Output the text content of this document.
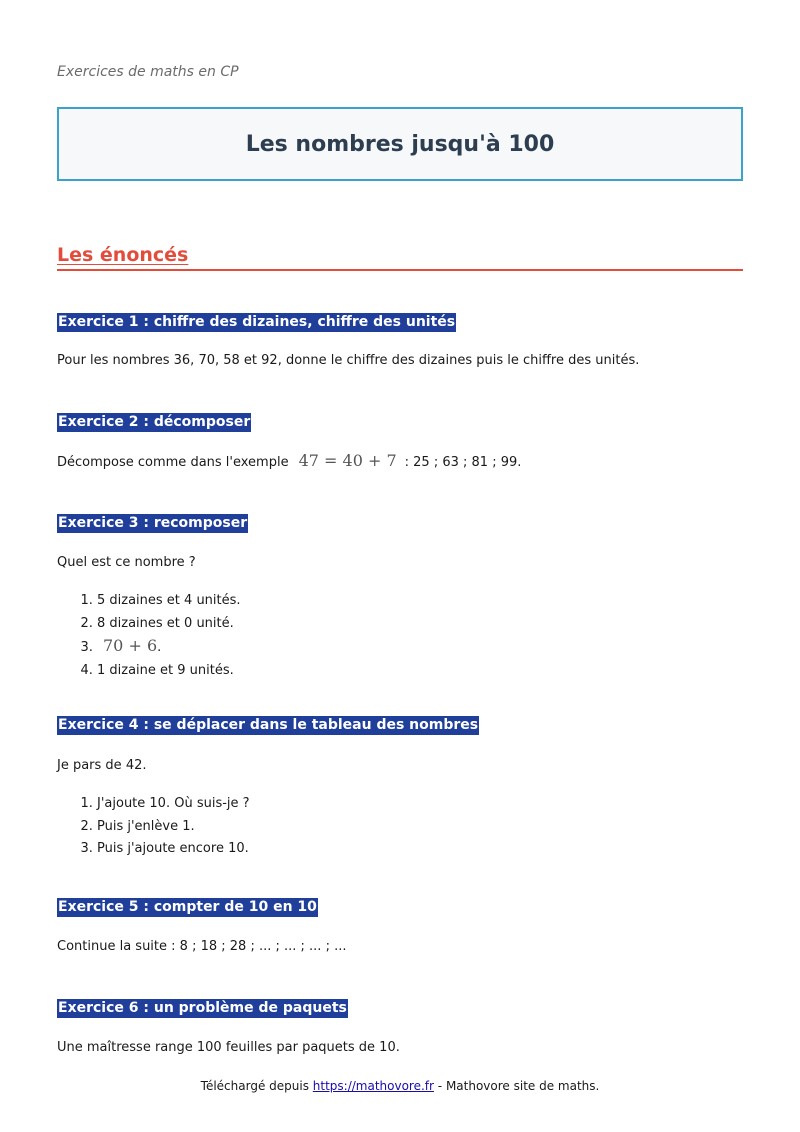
Exercices de maths en CP
Les nombres jusqu'à 100
Les énoncés
Exercice 1 : chiffre des dizaines, chiffre des unités
Pour les nombres 36, 70, 58 et 92, donne le chiffre des dizaines puis le chiffre des unités.
Exercice 2 : décomposer
Décompose comme dans l'exemple 47 = 40 + 7 : 25 ; 63 ; 81 ; 99.
Exercice 3 : recomposer
Quel est ce nombre ?
1. 5 dizaines et 4 unités.
2. 8 dizaines et 0 unité.
3. 70 + 6.
4. 1 dizaine et 9 unités.
Exercice 4 : se déplacer dans le tableau des nombres
Je pars de 42.
1. J'ajoute 10. Où suis-je ?
2. Puis j'enlève 1.
3. Puis j'ajoute encore 10.
Exercice 5 : compter de 10 en 10
Continue la suite : 8 ; 18 ; 28 ; ... ; ... ; ... ; ...
Exercice 6 : un problème de paquets
Une maîtresse range 100 feuilles par paquets de 10.
Téléchargé depuis https://mathovore.fr - Mathovore site de maths.
